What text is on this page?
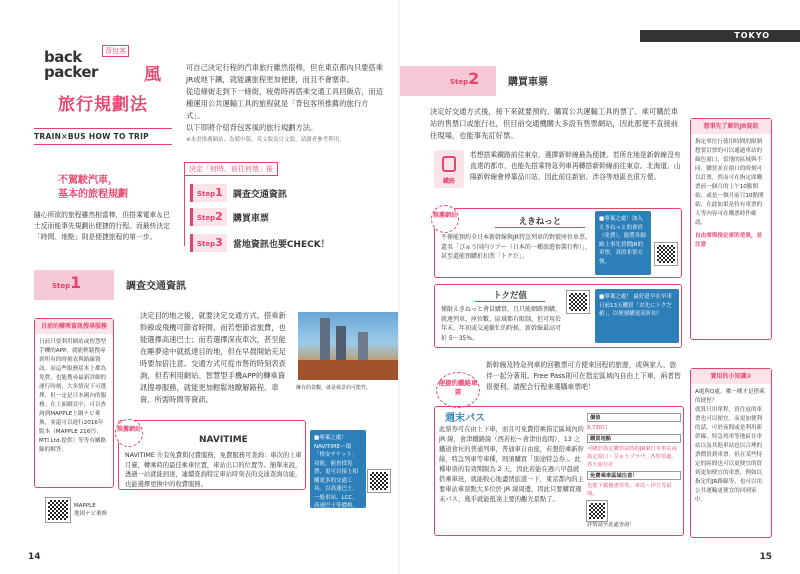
back
packer
背包客
風
旅行規劃法
TRAIN×BUS HOW TO TRIP

可自己決定行程的汽車旅行雖然很棒，但在東京都內只要搭乘JR或地下鐵，就能讓旅程更加便捷，而且不會塞車。

從這條街走到下一條街，疲倦時再搭乘交通工具回飯店，而這種運用公共運輸工具的旅程就是「背包客所推薦的旅行方式」。

以下即將介紹背包客風的旅行規劃方法。

※本書推薦網站、為繁中版、英文版及日文版，請讀者參考利用。

決定「何時、前往何地」後
Step1	調查交通資訊
Step2	購買車票
Step3	當地資訊也要CHECK！
不駕駛汽車，
基本的旅程規劃
隨心所欲的旅程雖然相當棒，但搭乘電車＆巴士反而能事先規劃出便捷的行程。而最快決定「時間、地點」則是便捷旅程的第一步。
Step1	調查交通資訊
目前的轉乘資訊搜尋服務
日前只要利用網站或智慧型手機的APP，就能輕鬆搜尋到所有的時刻表與路線資訊。而這些服務基本上都為免費，也能搜尋最新詳細的運行時刻、大多情況下可選擇，但一定是日本國內的服務。在上面網頁中，可以查詢到MAPPLE上網ナビ乗換，並還可以進行2016年版本（MAPPLE 216円：MTI Ltd.提供）等等有關路線的解答。
MAPPLE
地図ナビ乗換
決定目的地之後，就要決定交通方式。搭乘新幹線或飛機可節省時間，而若想節省旅費，也能選擇高速巴士；而若選擇深夜車次，甚至能在睡夢途中就抵達目的地，但在早晨開始充足時要加倍注意。交通方式可從市售的時刻表查詢，但若利用網站、智慧型手機APP的轉乘資訊搜尋服務，就能更加輕鬆地瞭解路程、車資、所需時間等資訊。
擁有的景觀，就是風景的可能性。
推薦網站
NAVITIME
NAVITIME 介有免費與付費服務，免費服務可查詢：車次的上車月臺，轉乘時的最佳乘車位置，車站出口的位置等。簡單來說，透過一站就能到達，連續查詢特定車站時刻表的交通查詢功能，也能選擇更換中的收費服務。
■專案之處！NAVITIMEー環「格安チケット」功能，能查找免費，更可以接上相關更多的交通工具。以高速巴士、一般車站、LCC、高速巴士等價格，也可以上到價格比較相關資訊。
14
TOKYO
Step2	購買車票
決定好交通方式後，接下來就要預約、購買公共運輸工具的票了。乘可購於車站的售票口或旅行社，但目前交通機關大多設有售票網站，因此那便不直接前往現場，也能事先訂好票。
鐵路
若想搭乘鐵路前往東京，選擇新幹線最為便捷。若所在地是新幹線沒有直達的都市，也能先搭乘特急列車再轉搭新幹線前往東京。北海道、山陽新幹線會停靠品川站，因此前往新宿、涉谷等地區也很方便。
推薦網站
えきねっと
不僅能預約全日本新幹線與JR特急列車的對號座位車票，還名「ぴゅう国内ツアー（日本的一種旅遊套裝行程）」，甚至還能預購折扣票「トクだ」。
■專案之處！加入えきねっと的會員（免費），能將各網路上事先買價JR的車票，真的非常方便。
トクだ值
僅限えきねっと會員購買，且只能網路預購，就連列車、座位數、區域都有限制，但可用於年末、年初或交通繁忙的時候，新幹線最高可折 5～35%。
■專案之處！ 最好趁早在早車日前13天購買「お先にトクだ値」，以便預購更高折扣！
便捷的鐵路車票
新幹線及特急列車的回數票可方便來回程的旅遊，或與家人、旅伴一起分著用。Free Pass則可在指定區域內自由上下車，兩者皆很便利。請配合行程來選購車票吧！
週末パス
此票券可在由上下車，而且可免費搭乘指定區域內的 JR 線，會津鐵路線（西若松〜會津田島間）、13 之鐵道會社的普通列車，普通車自由座，若想搭乘新幹線，特急列車等車種，則須購買「別途特急券」。此種車票的有效期限為 2 天，因此若能在週六早晨就搭乘車班，就能較心地盡情旅遊一下，東京都內的主要車站車票點大多位於 JR 線周邊，因此只要購買週末パス，幾乎就能抵達主要的觀光景點了。
價值
8,730日
購買地點
可購於指定購票站時的JR東日本車站或指定窗口・びゅうプラザ、各售票處、各大旅行社
免費乘車區域注意！
也能下載優惠票券、車站・伊豆等區域。
詳情請至此處查詢！
想事先了解的JR資訊
指定車位行使用時間的限制
想要訂票的可以通過車站的綠色窗口，當地的區域與不同、購買並在窗口的時刻可以訂票，然而可在指定席購票前一個月的上午10點開始，或是一個月前日10點開始，在此如果是持有車票的人等內容可在購票時作確認。
自由席與指定席的差異，並注意
實用的小知識②
A處與Q處，哪一種才是搭乘的捷徑？
就算只用單程，買往返的車票也可以便宜。而更加便利的話，可於夜間或是利用新幹線、特急列車等地區在車站以及其他車站也以合理的票價買到車票。但在某些特定的區間也可以更便宜的買到更加便宜的車票，例如以指定的JR路線等，也可以用公共運輸更便宜的回到家中。
15
